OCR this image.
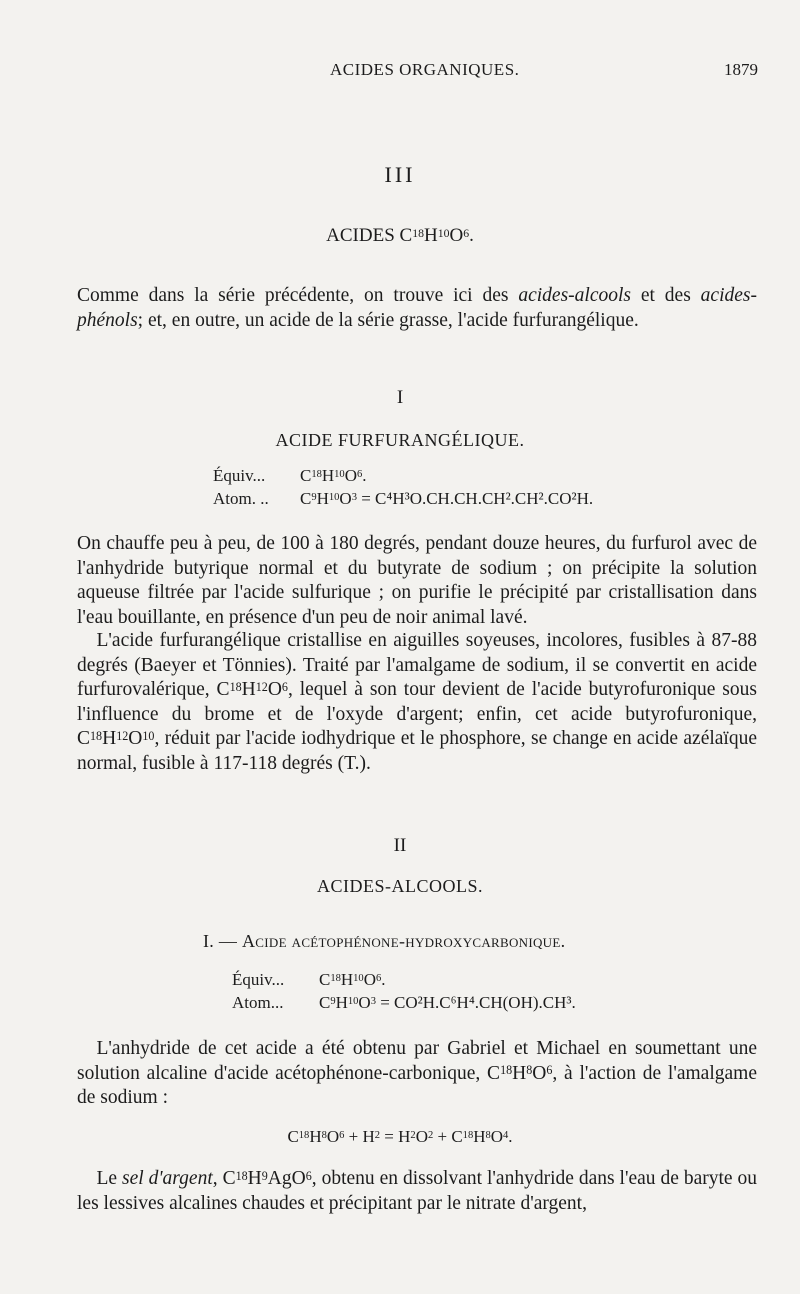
ACIDES ORGANIQUES.	1879
III
ACIDES $C^{18}H^{10}O^6$.

Comme dans la série précédente, on trouve ici des acides-alcools et des acides-phénols; et, en outre, un acide de la série grasse, l'acide furfurangélique.

I
ACIDE FURFURANGÉLIQUE.
Équiv... $C^{18}H^{10}O^6$.
Atom. .. $C^9H^{10}O^3 = C^4H^3O.CH.CH.CH^2.CH^2.CO^2H$.

On chauffe peu à peu, de 100 à 180 degrés, pendant douze heures, du furfurol avec de l'anhydride butyrique normal et du butyrate de sodium ; on précipite la solution aqueuse filtrée par l'acide sulfurique ; on purifie le précipité par cristallisation dans l'eau bouillante, en présence d'un peu de noir animal lavé.

 L'acide furfurangélique cristallise en aiguilles soyeuses, incolores, fusibles à 87-88 degrés (Baeyer et Tönnies). Traité par l'amalgame de sodium, il se convertit en acide furfurovalérique, $C^{18}H^{12}O^6$, lequel à son tour devient de l'acide butyrofuronique sous l'influence du brome et de l'oxyde d'argent; enfin, cet acide butyrofuronique, $C^{18}H^{12}O^{10}$, réduit par l'acide iodhydrique et le phosphore, se change en acide azélaïque normal, fusible à 117-118 degrés (T.).

II
ACIDES-ALCOOLS.
I. — Acide acétophénone-hydroxycarbonique.
Équiv... $C^{18}H^{10}O^6$.
Atom... $C^9H^{10}O^3 = CO^2H.C^6H^4.CH(OH).CH^3$.

 L'anhydride de cet acide a été obtenu par Gabriel et Michael en soumettant une solution alcaline d'acide acétophénone-carbonique, $C^{18}H^8O^6$, à l'action de l'amalgame de sodium :

$C^{18}H^8O^6 + H^2 = H^2O^2 + C^{18}H^8O^4$.

 Le sel d'argent, $C^{18}H^9AgO^6$, obtenu en dissolvant l'anhydride dans l'eau de baryte ou les lessives alcalines chaudes et précipitant par le nitrate d'argent,
